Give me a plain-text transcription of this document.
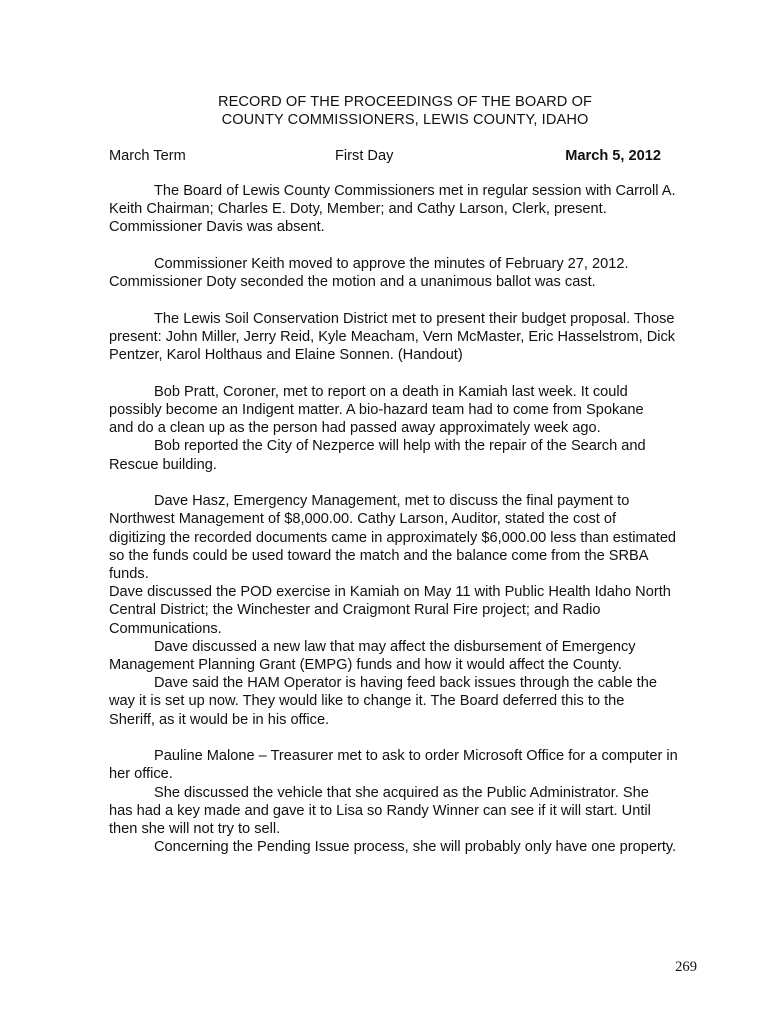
RECORD OF THE PROCEEDINGS OF THE BOARD OF
COUNTY COMMISSIONERS, LEWIS COUNTY, IDAHO
March Term	First Day	March 5, 2012
The Board of Lewis County Commissioners met in regular session with Carroll A.
Keith Chairman; Charles E. Doty, Member; and Cathy Larson, Clerk, present.
Commissioner Davis was absent.
Commissioner Keith moved to approve the minutes of February 27, 2012.
Commissioner Doty seconded the motion and a unanimous ballot was cast.
The Lewis Soil Conservation District met to present their budget proposal. Those
present: John Miller, Jerry Reid, Kyle Meacham, Vern McMaster, Eric Hasselstrom, Dick
Pentzer, Karol Holthaus and Elaine Sonnen. (Handout)
Bob Pratt, Coroner, met to report on a death in Kamiah last week. It could
possibly become an Indigent matter. A bio-hazard team had to come from Spokane
and do a clean up as the person had passed away approximately week ago.
Bob reported the City of Nezperce will help with the repair of the Search and
Rescue building.
Dave Hasz, Emergency Management, met to discuss the final payment to
Northwest Management of $8,000.00. Cathy Larson, Auditor, stated the cost of
digitizing the recorded documents came in approximately $6,000.00 less than estimated
so the funds could be used toward the match and the balance come from the SRBA
funds.
Dave discussed the POD exercise in Kamiah on May 11 with Public Health Idaho North
Central District; the Winchester and Craigmont Rural Fire project; and Radio
Communications.
Dave discussed a new law that may affect the disbursement of Emergency
Management Planning Grant (EMPG) funds and how it would affect the County.
Dave said the HAM Operator is having feed back issues through the cable the
way it is set up now. They would like to change it. The Board deferred this to the
Sheriff, as it would be in his office.
Pauline Malone – Treasurer met to ask to order Microsoft Office for a computer in
her office.
She discussed the vehicle that she acquired as the Public Administrator. She
has had a key made and gave it to Lisa so Randy Winner can see if it will start. Until
then she will not try to sell.
Concerning the Pending Issue process, she will probably only have one property.
269
